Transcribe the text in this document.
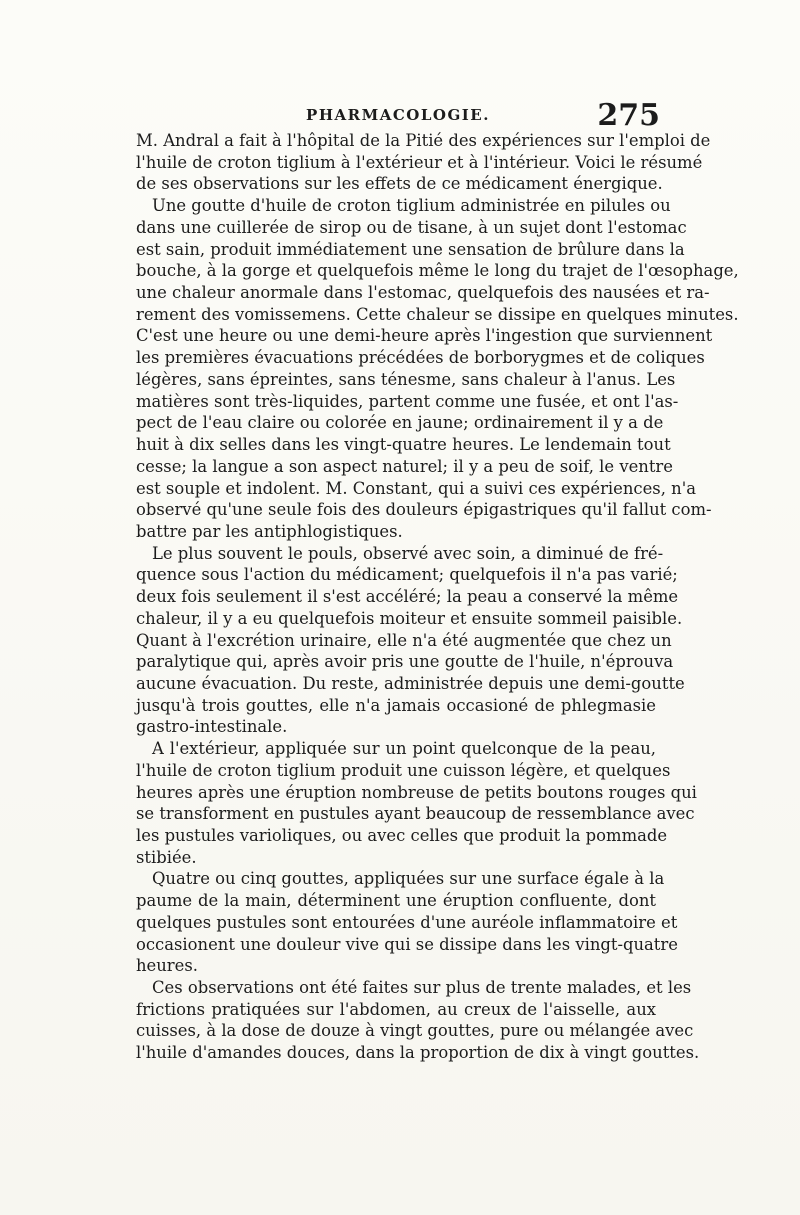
PHARMACOLOGIE.	275
M. Andral a fait à l'hôpital de la Pitié des expériences sur l'emploi de
l'huile de croton tiglium à l'extérieur et à l'intérieur. Voici le résumé
de ses observations sur les effets de ce médicament énergique.
Une goutte d'huile de croton tiglium administrée en pilules ou
dans une cuillerée de sirop ou de tisane, à un sujet dont l'estomac
est sain, produit immédiatement une sensation de brûlure dans la
bouche, à la gorge et quelquefois même le long du trajet de l'œsophage,
une chaleur anormale dans l'estomac, quelquefois des nausées et ra-
rement des vomissemens. Cette chaleur se dissipe en quelques minutes.
C'est une heure ou une demi-heure après l'ingestion que surviennent
les premières évacuations précédées de borborygmes et de coliques
légères, sans épreintes, sans ténesme, sans chaleur à l'anus. Les
matières sont très-liquides, partent comme une fusée, et ont l'as-
pect de l'eau claire ou colorée en jaune; ordinairement il y a de
huit à dix selles dans les vingt-quatre heures. Le lendemain tout
cesse; la langue a son aspect naturel; il y a peu de soif, le ventre
est souple et indolent. M. Constant, qui a suivi ces expériences, n'a
observé qu'une seule fois des douleurs épigastriques qu'il fallut com-
battre par les antiphlogistiques.
Le plus souvent le pouls, observé avec soin, a diminué de fré-
quence sous l'action du médicament; quelquefois il n'a pas varié;
deux fois seulement il s'est accéléré; la peau a conservé la même
chaleur, il y a eu quelquefois moiteur et ensuite sommeil paisible.
Quant à l'excrétion urinaire, elle n'a été augmentée que chez un
paralytique qui, après avoir pris une goutte de l'huile, n'éprouva
aucune évacuation. Du reste, administrée depuis une demi-goutte
jusqu'à trois gouttes, elle n'a jamais occasioné de phlegmasie
gastro-intestinale.
A l'extérieur, appliquée sur un point quelconque de la peau,
l'huile de croton tiglium produit une cuisson légère, et quelques
heures après une éruption nombreuse de petits boutons rouges qui
se transforment en pustules ayant beaucoup de ressemblance avec
les pustules varioliques, ou avec celles que produit la pommade
stibiée.
Quatre ou cinq gouttes, appliquées sur une surface égale à la
paume de la main, déterminent une éruption confluente, dont
quelques pustules sont entourées d'une auréole inflammatoire et
occasionent une douleur vive qui se dissipe dans les vingt-quatre
heures.
Ces observations ont été faites sur plus de trente malades, et les
frictions pratiquées sur l'abdomen, au creux de l'aisselle, aux
cuisses, à la dose de douze à vingt gouttes, pure ou mélangée avec
l'huile d'amandes douces, dans la proportion de dix à vingt gouttes.
